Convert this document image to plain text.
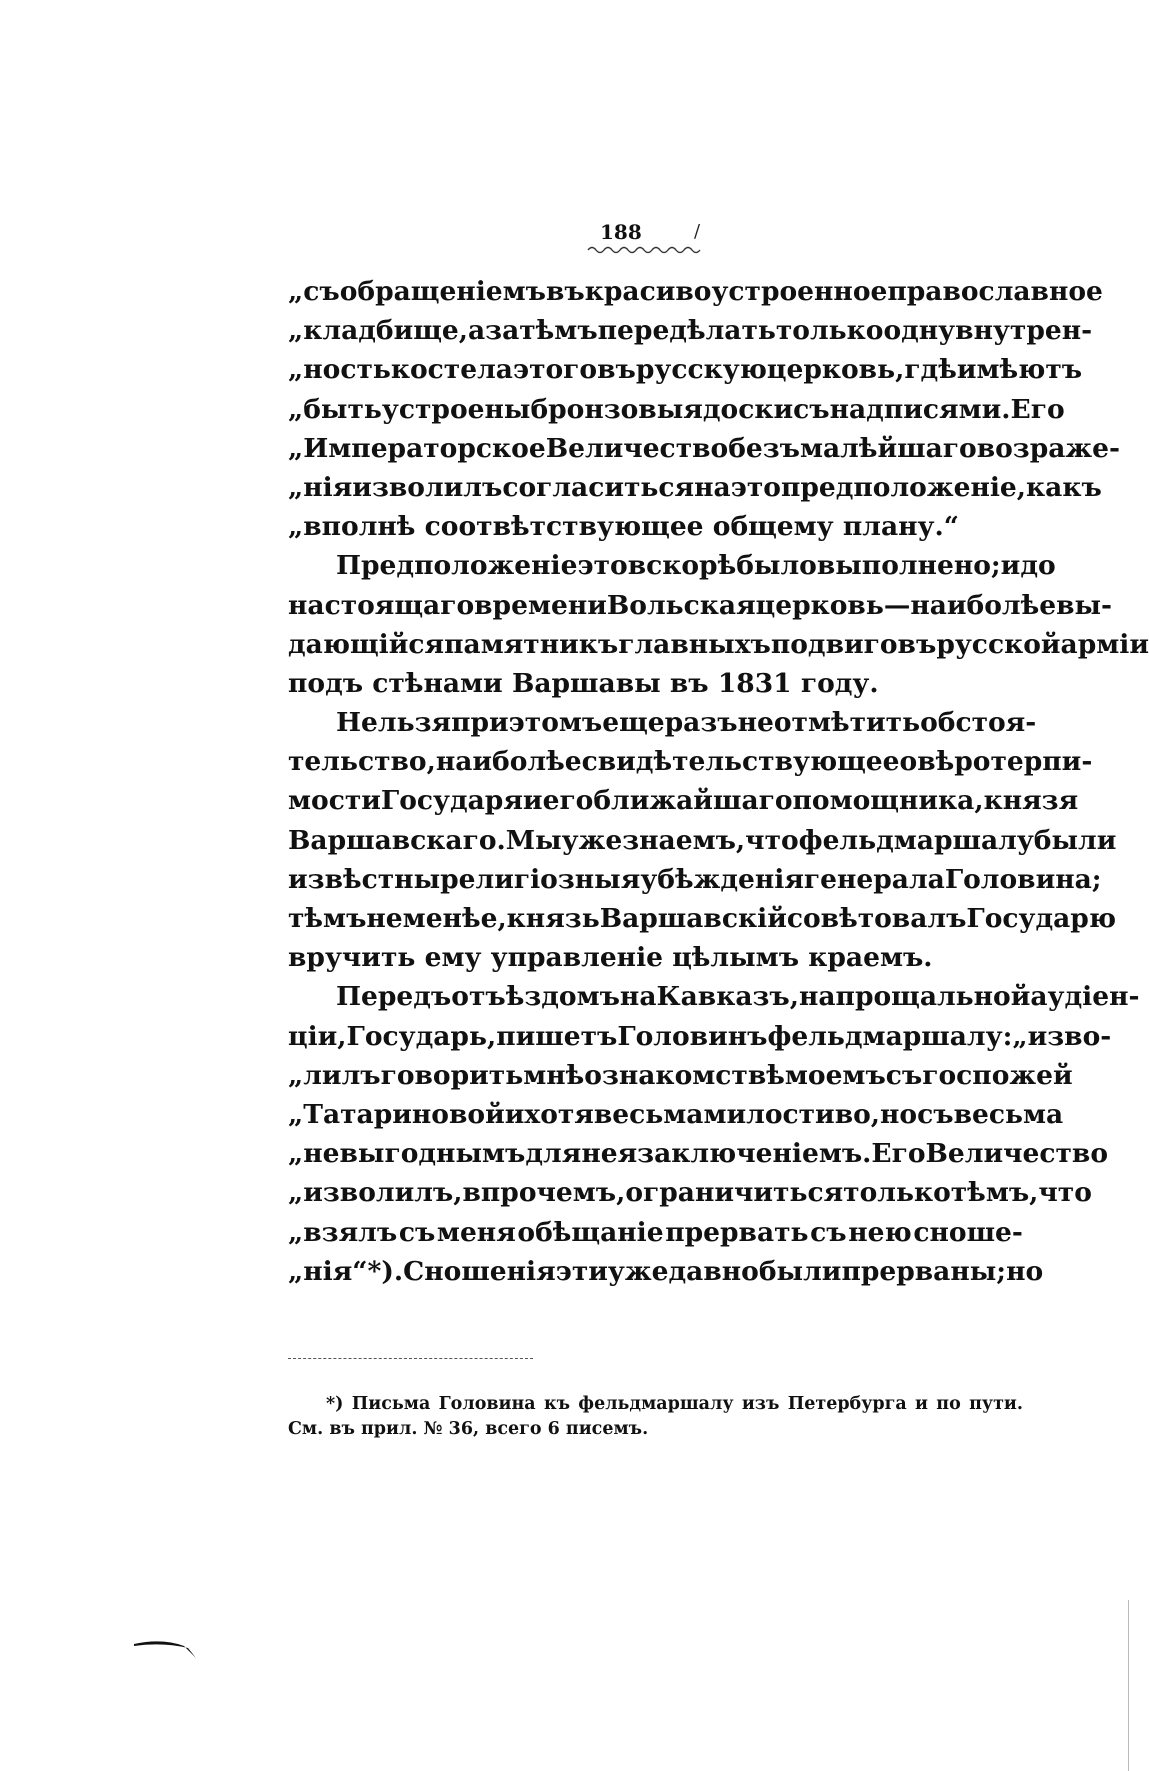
188	/
„съ обращеніемъ въ красиво устроенное православное
„кладбище, а затѣмъ передѣлать только одну внутрен-
„ность костела этого въ русскую церковь, гдѣ имѣютъ
„быть устроены бронзовыя доски съ надписями. Его
„Императорское Величество безъ малѣйшаго возраже-
„нія изволилъ согласиться на это предположеніе, какъ
„вполнѣ соотвѣтствующее общему плану.“
Предположеніе это вскорѣ было выполнено; и до
настоящаго времени Вольская церковь — наиболѣе вы-
дающійся памятникъ главныхъ подвиговъ русской арміи
подъ стѣнами Варшавы въ 1831 году.
Нельзя при этомъ еще разъ не отмѣтить обстоя-
тельство, наиболѣе свидѣтельствующее о вѣротерпи-
мости Государя и его ближайшаго помощника, князя
Варшавскаго. Мы уже знаемъ, что фельдмаршалу были
извѣстны религіозныя убѣжденія генерала Головина;
тѣмъ не менѣе, князь Варшавскій совѣтовалъ Государю
вручить ему управленіе цѣлымъ краемъ.
Передъ отъѣздомъ на Кавказъ, на прощальной аудіен-
ціи, Государь, пишетъ Головинъ фельдмаршалу: „изво-
„лилъ говорить мнѣ о знакомствѣ моемъ съ госпожей
„Татариновой и хотя весьма милостиво, но съ весьма
„невыгоднымъ для нея заключеніемъ. Его Величество
„изволилъ, впрочемъ, ограничиться только тѣмъ, что
„взялъ съ меня обѣщаніе прервать съ нею сноше-
„нія“ *). Сношенія эти уже давно были прерваны; но
*) Письма Головина къ фельдмаршалу изъ Петербурга и по пути.
См. въ прил. № 36, всего 6 писемъ.
